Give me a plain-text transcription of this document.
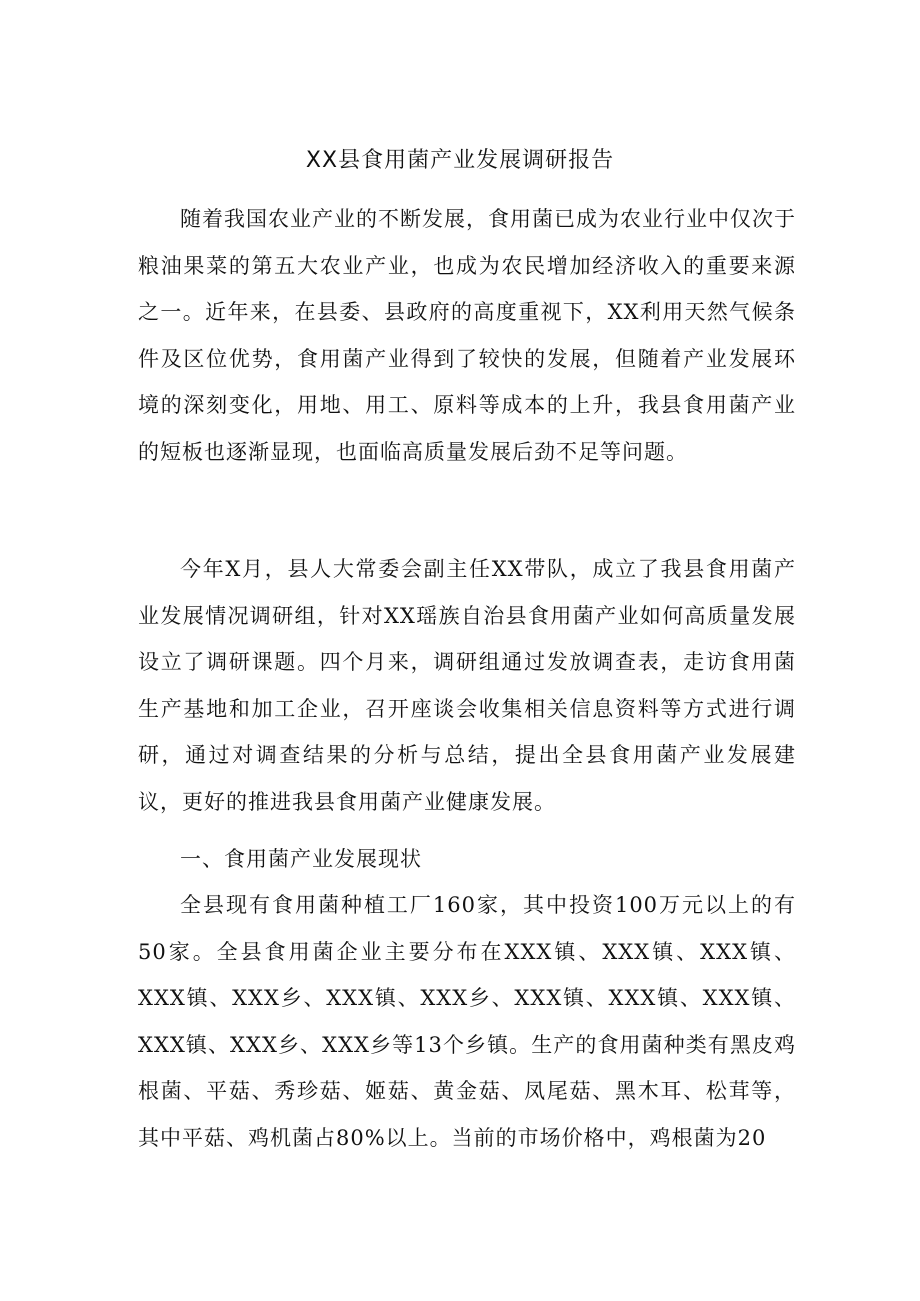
XX县食用菌产业发展调研报告

随着我国农业产业的不断发展，食用菌已成为农业行业中仅次于粮油果菜的第五大农业产业，也成为农民增加经济收入的重要来源之一。近年来，在县委、县政府的高度重视下，XX利用天然气候条件及区位优势，食用菌产业得到了较快的发展，但随着产业发展环境的深刻变化，用地、用工、原料等成本的上升，我县食用菌产业的短板也逐渐显现，也面临高质量发展后劲不足等问题。

今年X月，县人大常委会副主任XX带队，成立了我县食用菌产业发展情况调研组，针对XX瑶族自治县食用菌产业如何高质量发展设立了调研课题。四个月来，调研组通过发放调查表，走访食用菌生产基地和加工企业，召开座谈会收集相关信息资料等方式进行调研，通过对调查结果的分析与总结，提出全县食用菌产业发展建议，更好的推进我县食用菌产业健康发展。

一、食用菌产业发展现状

全县现有食用菌种植工厂160家，其中投资100万元以上的有50家。全县食用菌企业主要分布在XXX镇、XXX镇、XXX镇、XXX镇、XXX乡、XXX镇、XXX乡、XXX镇、XXX镇、XXX镇、XXX镇、XXX乡、XXX乡等13个乡镇。生产的食用菌种类有黑皮鸡根菌、平菇、秀珍菇、姬菇、黄金菇、凤尾菇、黑木耳、松茸等，其中平菇、鸡机菌占80%以上。当前的市场价格中，鸡根菌为20
